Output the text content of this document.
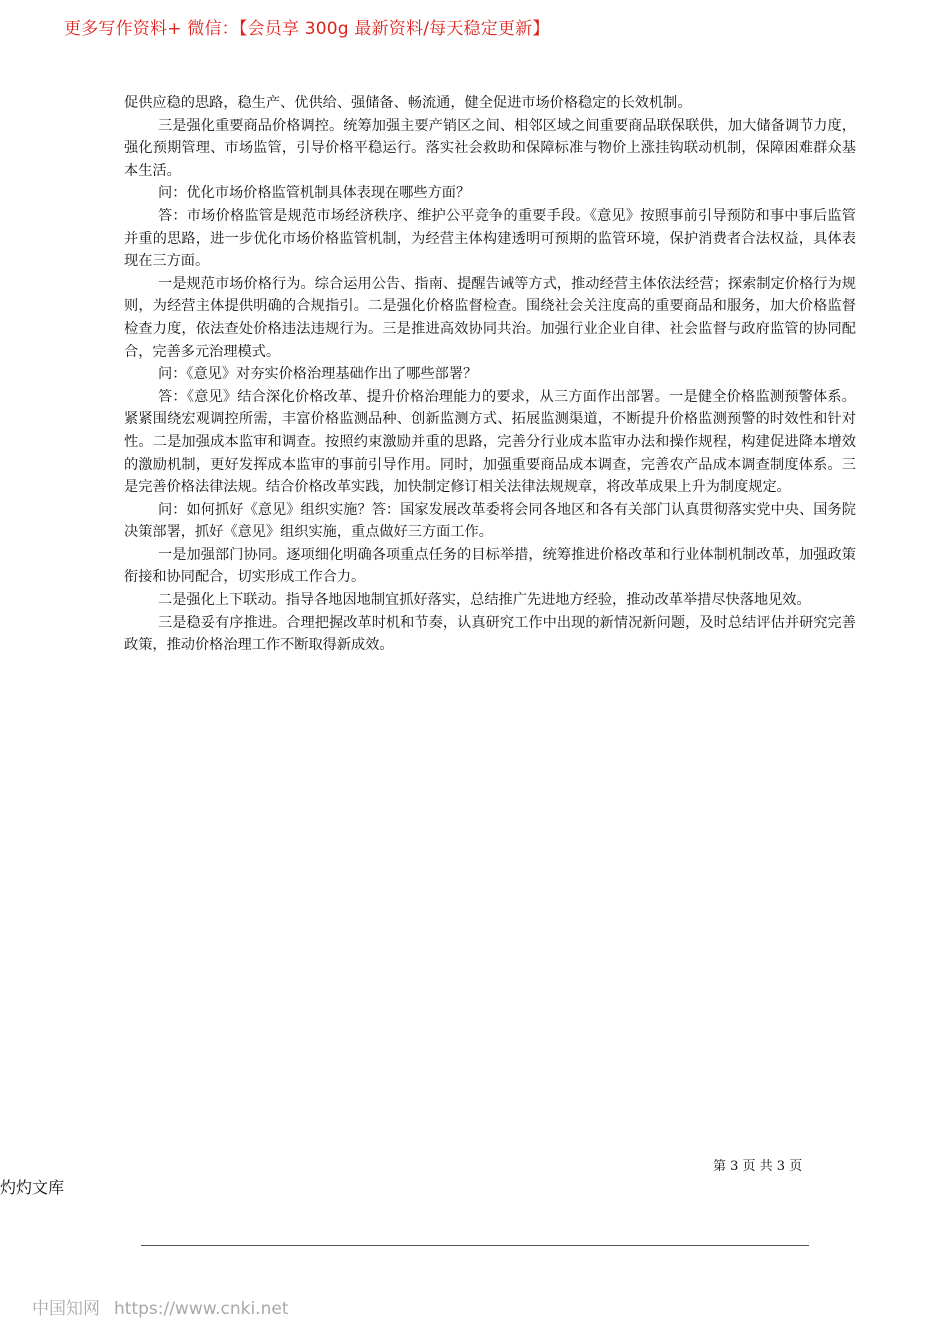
更多写作资料+ 微信：【会员享 300g 最新资料/每天稳定更新】

促供应稳的思路，稳生产、优供给、强储备、畅流通，健全促进市场价格稳定的长效机制。

三是强化重要商品价格调控。统筹加强主要产销区之间、相邻区域之间重要商品联保联供，加大储备调节力度，强化预期管理、市场监管，引导价格平稳运行。落实社会救助和保障标准与物价上涨挂钩联动机制，保障困难群众基本生活。

问：优化市场价格监管机制具体表现在哪些方面？

答：市场价格监管是规范市场经济秩序、维护公平竞争的重要手段。《意见》按照事前引导预防和事中事后监管并重的思路，进一步优化市场价格监管机制，为经营主体构建透明可预期的监管环境，保护消费者合法权益，具体表现在三方面。

一是规范市场价格行为。综合运用公告、指南、提醒告诫等方式，推动经营主体依法经营；探索制定价格行为规则，为经营主体提供明确的合规指引。二是强化价格监督检查。围绕社会关注度高的重要商品和服务，加大价格监督检查力度，依法查处价格违法违规行为。三是推进高效协同共治。加强行业企业自律、社会监督与政府监管的协同配合，完善多元治理模式。

问：《意见》对夯实价格治理基础作出了哪些部署？

答：《意见》结合深化价格改革、提升价格治理能力的要求，从三方面作出部署。一是健全价格监测预警体系。紧紧围绕宏观调控所需，丰富价格监测品种、创新监测方式、拓展监测渠道，不断提升价格监测预警的时效性和针对性。二是加强成本监审和调查。按照约束激励并重的思路，完善分行业成本监审办法和操作规程，构建促进降本增效的激励机制，更好发挥成本监审的事前引导作用。同时，加强重要商品成本调查，完善农产品成本调查制度体系。三是完善价格法律法规。结合价格改革实践，加快制定修订相关法律法规规章，将改革成果上升为制度规定。

问：如何抓好《意见》组织实施？答：国家发展改革委将会同各地区和各有关部门认真贯彻落实党中央、国务院决策部署，抓好《意见》组织实施，重点做好三方面工作。

一是加强部门协同。逐项细化明确各项重点任务的目标举措，统筹推进价格改革和行业体制机制改革，加强政策衔接和协同配合，切实形成工作合力。

二是强化上下联动。指导各地因地制宜抓好落实，总结推广先进地方经验，推动改革举措尽快落地见效。

三是稳妥有序推进。合理把握改革时机和节奏，认真研究工作中出现的新情况新问题，及时总结评估并研究完善政策，推动价格治理工作不断取得新成效。

第 3 页 共 3 页
灼灼文库
中国知网 https://www.cnki.net
